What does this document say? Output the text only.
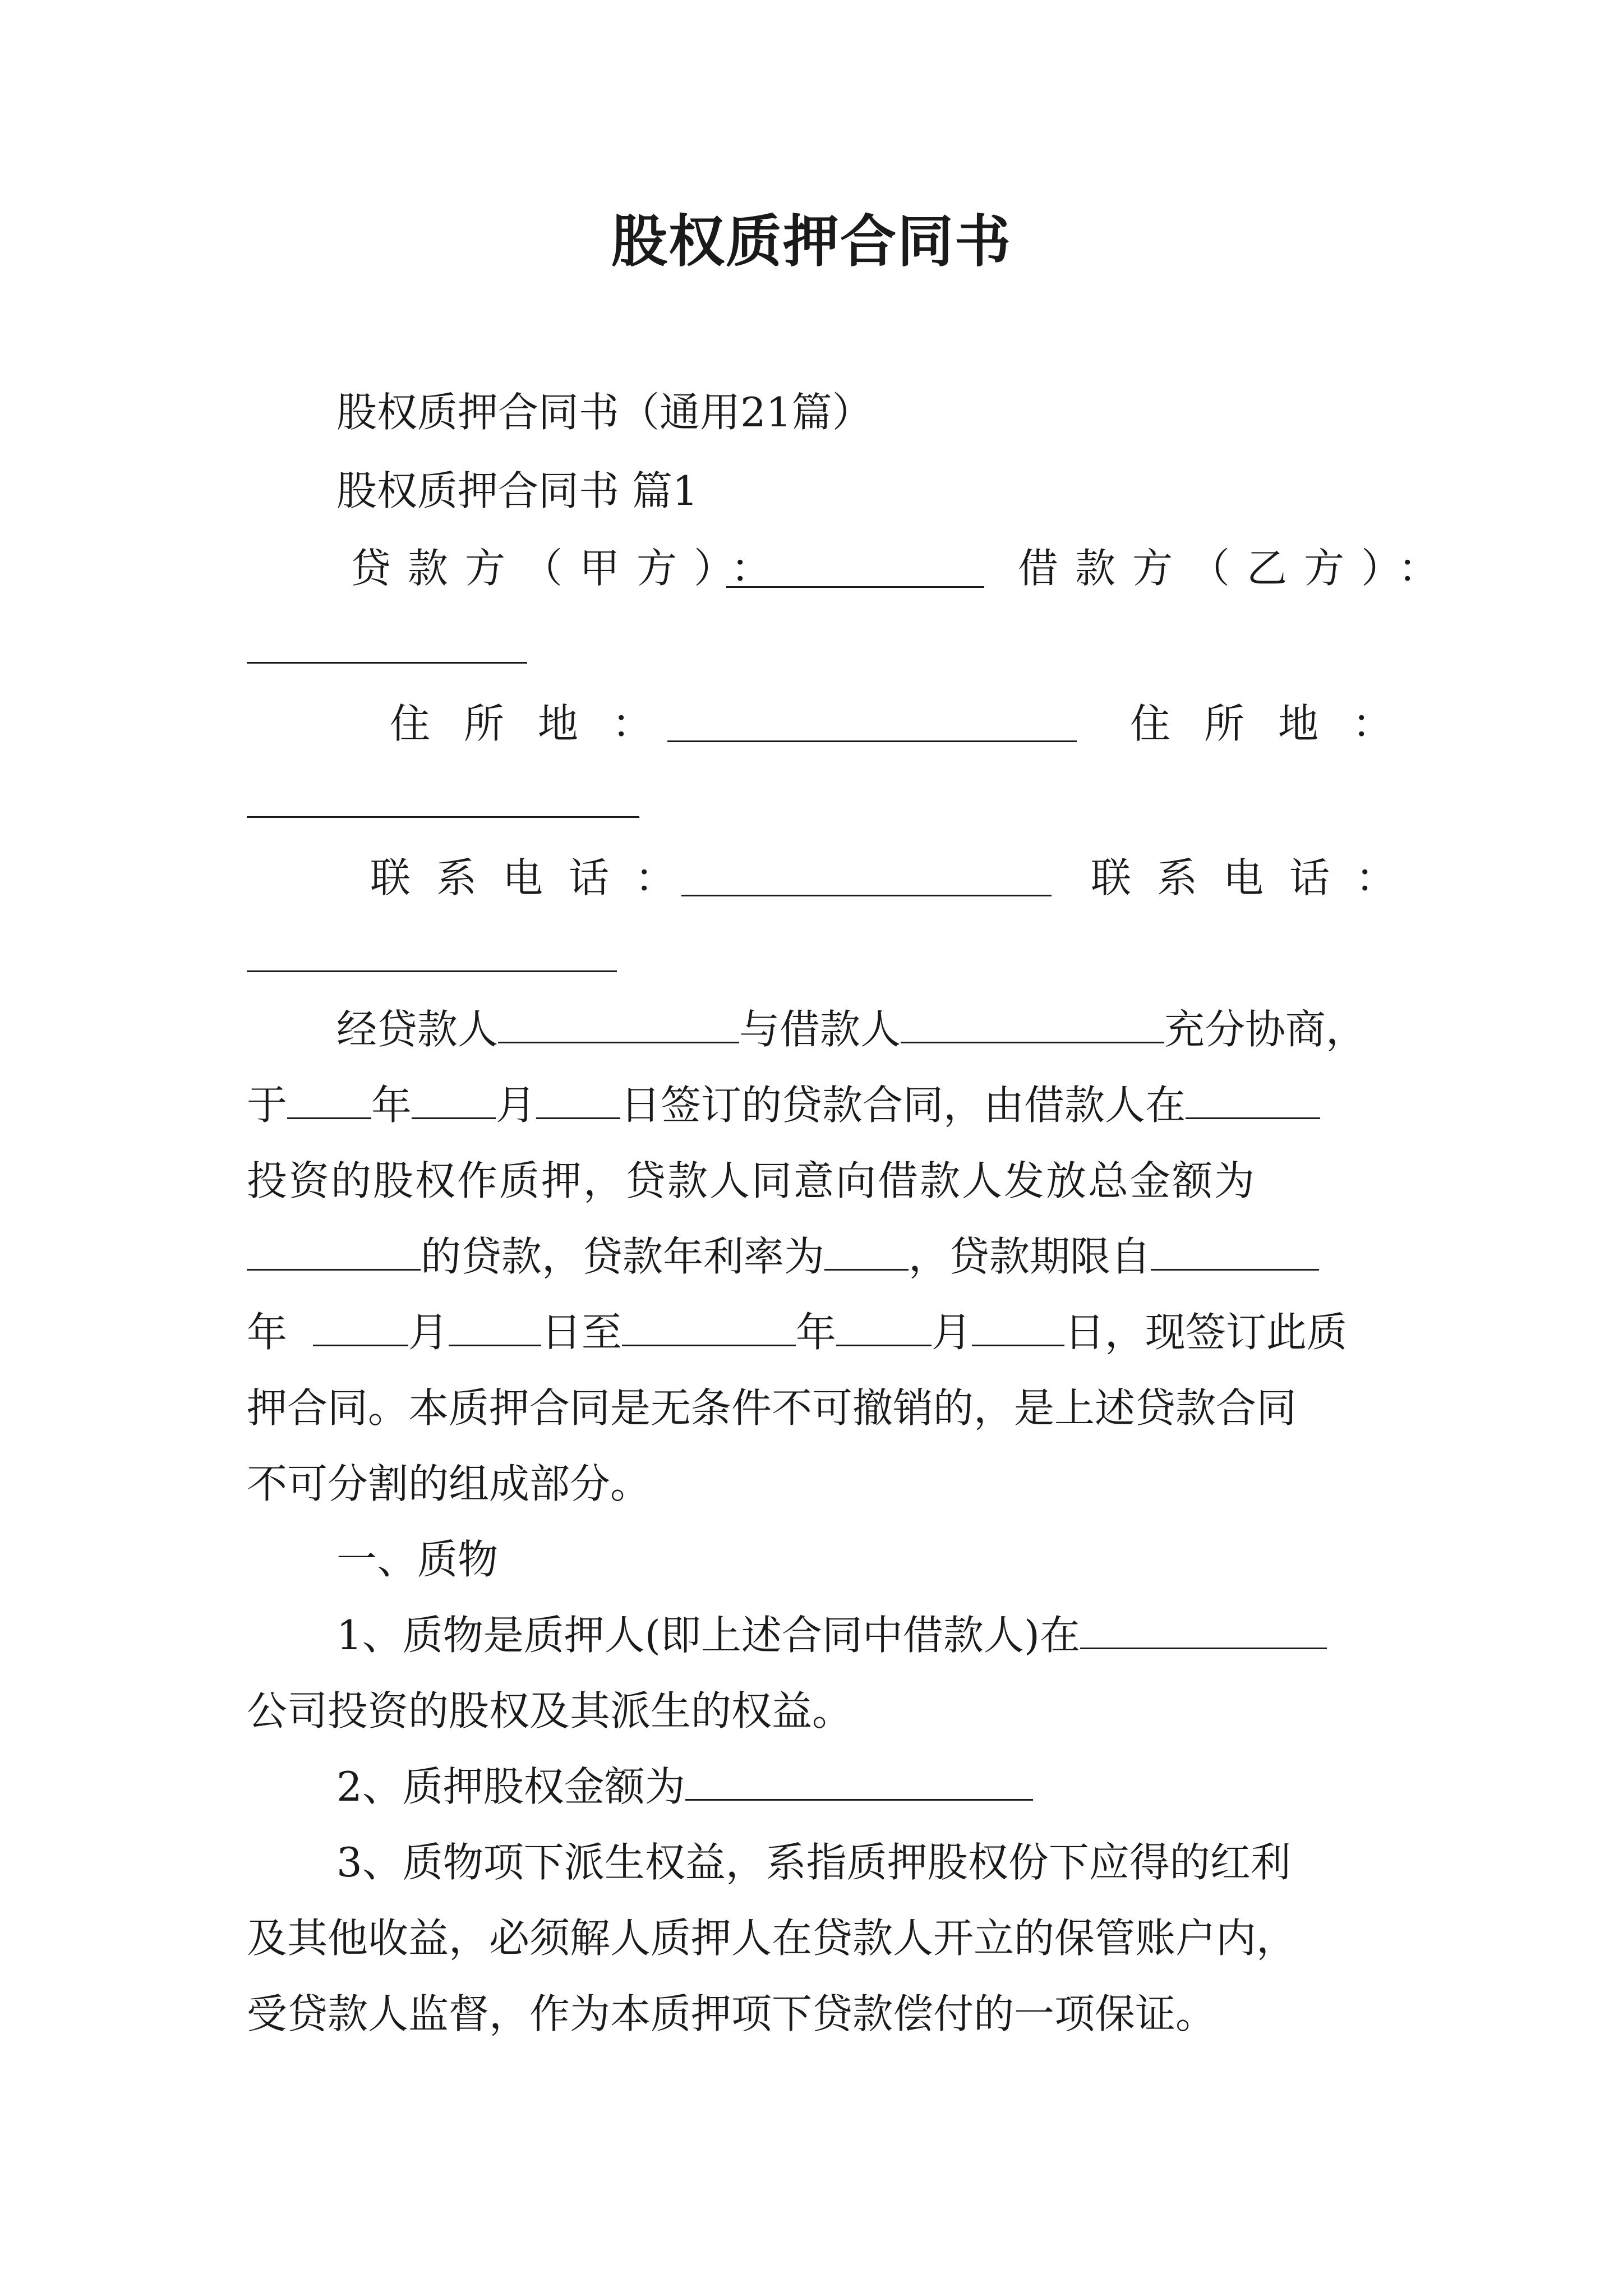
股权质押合同书

股权质押合同书（通用21篇）

股权质押合同书 篇1

贷款方（甲方）：	借款方（乙方）：

住所地：	住所地：

联系电话：	联系电话：

经贷款人	与借款人	充分协商，

于 年 月 日签订的贷款合同，由借款人在

投资的股权作质押，贷款人同意向借款人发放总金额为

的贷款，贷款年利率为 ，贷款期限自

年	月 日至	年 月 日，现签订此质

押合同。本质押合同是无条件不可撤销的，是上述贷款合同

不可分割的组成部分。

一、质物

1、质物是质押人(即上述合同中借款人)在

公司投资的股权及其派生的权益。

2、质押股权金额为

3、质物项下派生权益，系指质押股权份下应得的红利

及其他收益，必须解人质押人在贷款人开立的保管账户内，

受贷款人监督，作为本质押项下贷款偿付的一项保证。
